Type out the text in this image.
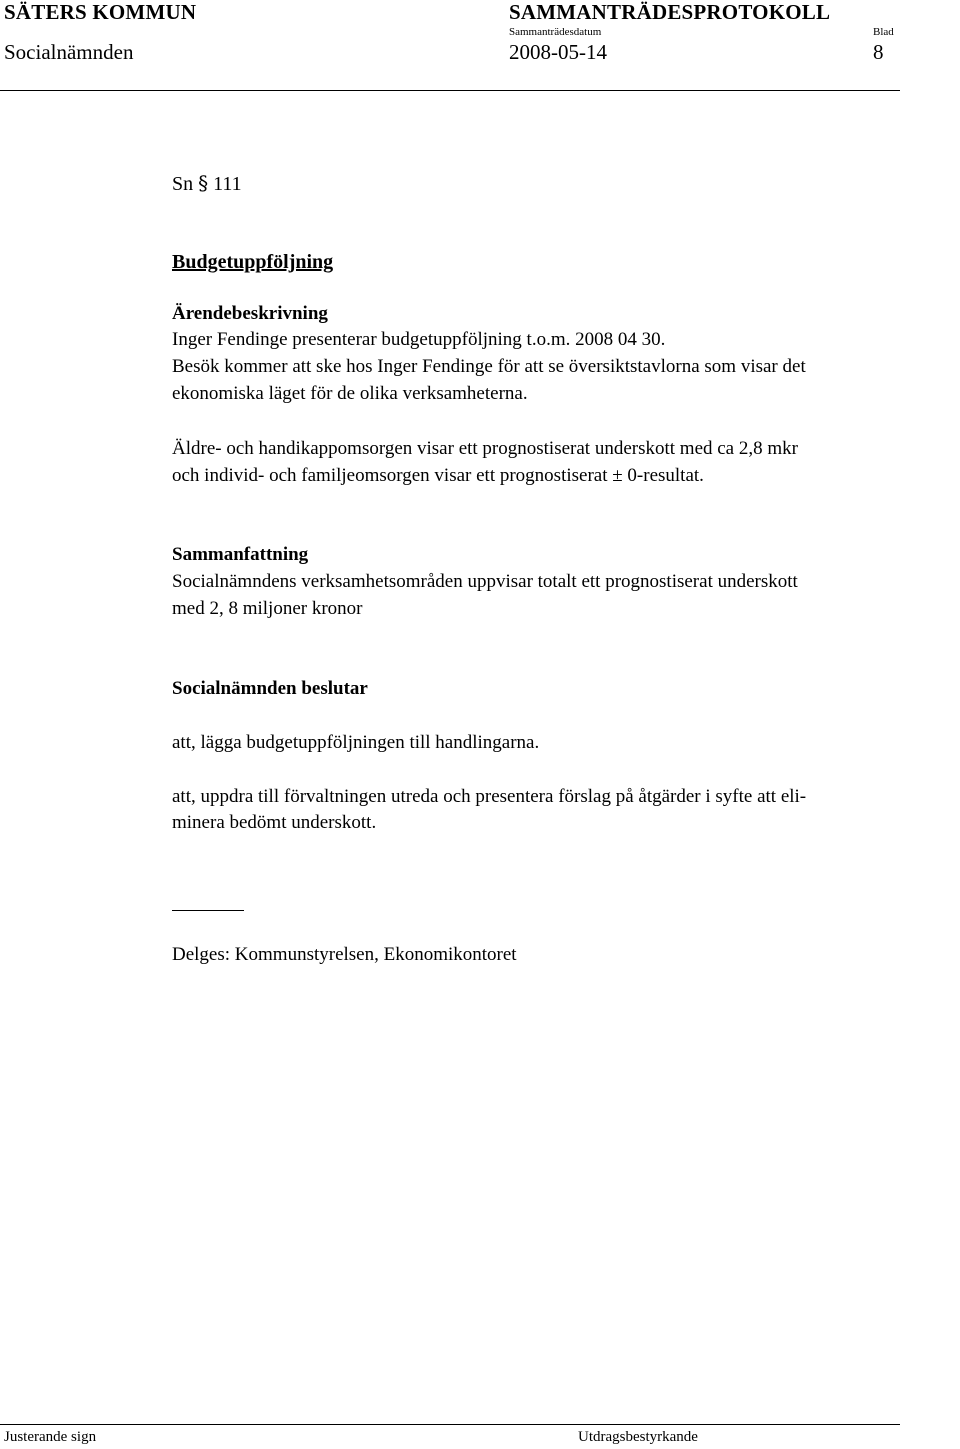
SÄTERS KOMMUN	SAMMANTRÄDESPROTOKOLL
Sammanträdesdatum	Blad
Socialnämnden	2008-05-14	8
Sn § 111
Budgetuppföljning
Ärendebeskrivning
Inger Fendinge presenterar budgetuppföljning t.o.m. 2008 04 30.
Besök kommer att ske hos Inger Fendinge för att se översiktstavlorna som visar det
ekonomiska läget för de olika verksamheterna.
Äldre- och handikappomsorgen visar ett prognostiserat underskott med ca 2,8 mkr
och individ- och familjeomsorgen visar ett prognostiserat ± 0-resultat.
Sammanfattning
Socialnämndens verksamhetsområden uppvisar totalt ett prognostiserat underskott
med 2, 8 miljoner kronor
Socialnämnden beslutar
att, lägga budgetuppföljningen till handlingarna.
att, uppdra till förvaltningen utreda och presentera förslag på åtgärder i syfte att eli-
minera bedömt underskott.
Delges: Kommunstyrelsen, Ekonomikontoret
Justerande sign	Utdragsbestyrkande
